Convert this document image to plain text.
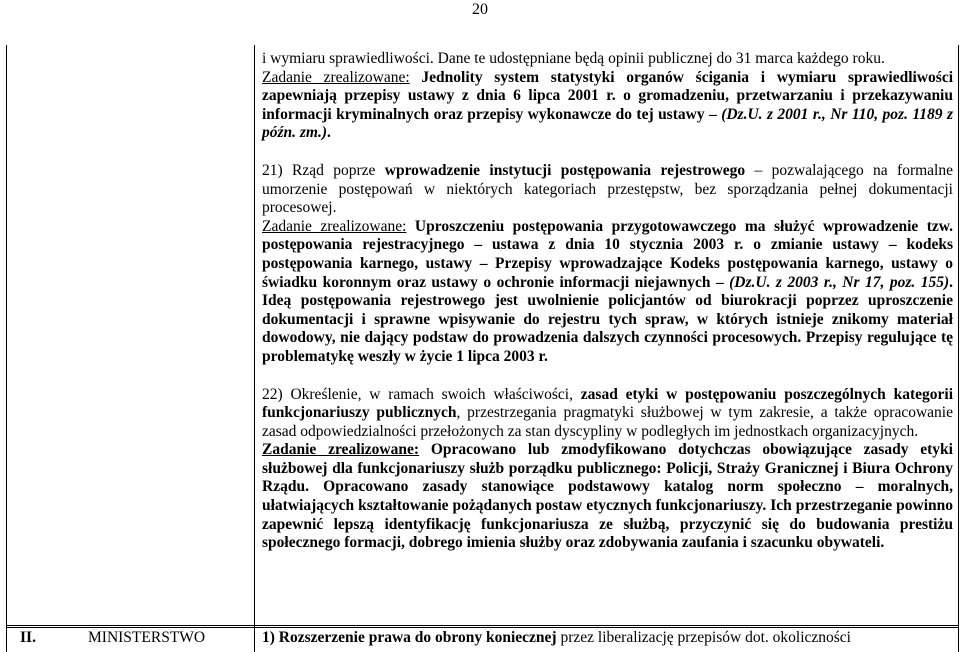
20

i wymiaru sprawiedliwości. Dane te udostępniane będą opinii publicznej do 31 marca każdego roku.
Zadanie zrealizowane: Jednolity system statystyki organów ścigania i wymiaru sprawiedliwości zapewniają przepisy ustawy z dnia 6 lipca 2001 r. o gromadzeniu, przetwarzaniu i przekazywaniu informacji kryminalnych oraz przepisy wykonawcze do tej ustawy – (Dz.U. z 2001 r., Nr 110, poz. 1189 z późn. zm.).

21) Rząd poprze wprowadzenie instytucji postępowania rejestrowego – pozwalającego na formalne umorzenie postępowań w niektórych kategoriach przestępstw, bez sporządzania pełnej dokumentacji procesowej.
Zadanie zrealizowane: Uproszczeniu postępowania przygotowawczego ma służyć wprowadzenie tzw. postępowania rejestracyjnego – ustawa z dnia 10 stycznia 2003 r. o zmianie ustawy – kodeks postępowania karnego, ustawy – Przepisy wprowadzające Kodeks postępowania karnego, ustawy o świadku koronnym oraz ustawy o ochronie informacji niejawnych – (Dz.U. z 2003 r., Nr 17, poz. 155). Ideą postępowania rejestrowego jest uwolnienie policjantów od biurokracji poprzez uproszczenie dokumentacji i sprawne wpisywanie do rejestru tych spraw, w których istnieje znikomy materiał dowodowy, nie dający podstaw do prowadzenia dalszych czynności procesowych. Przepisy regulujące tę problematykę weszły w życie 1 lipca 2003 r.

22) Określenie, w ramach swoich właściwości, zasad etyki w postępowaniu poszczególnych kategorii funkcjonariuszy publicznych, przestrzegania pragmatyki służbowej w tym zakresie, a także opracowanie zasad odpowiedzialności przełożonych za stan dyscypliny w podległych im jednostkach organizacyjnych.
Zadanie zrealizowane: Opracowano lub zmodyfikowano dotychczas obowiązujące zasady etyki służbowej dla funkcjonariuszy służb porządku publicznego: Policji, Straży Granicznej i Biura Ochrony Rządu. Opracowano zasady stanowiące podstawowy katalog norm społeczno – moralnych, ułatwiających kształtowanie pożądanych postaw etycznych funkcjonariuszy. Ich przestrzeganie powinno zapewnić lepszą identyfikację funkcjonariusza ze służbą, przyczynić się do budowania prestiżu społecznego formacji, dobrego imienia służby oraz zdobywania zaufania i szacunku obywateli.

II.	MINISTERSTWO	1) Rozszerzenie prawa do obrony koniecznej przez liberalizację przepisów dot. okoliczności
